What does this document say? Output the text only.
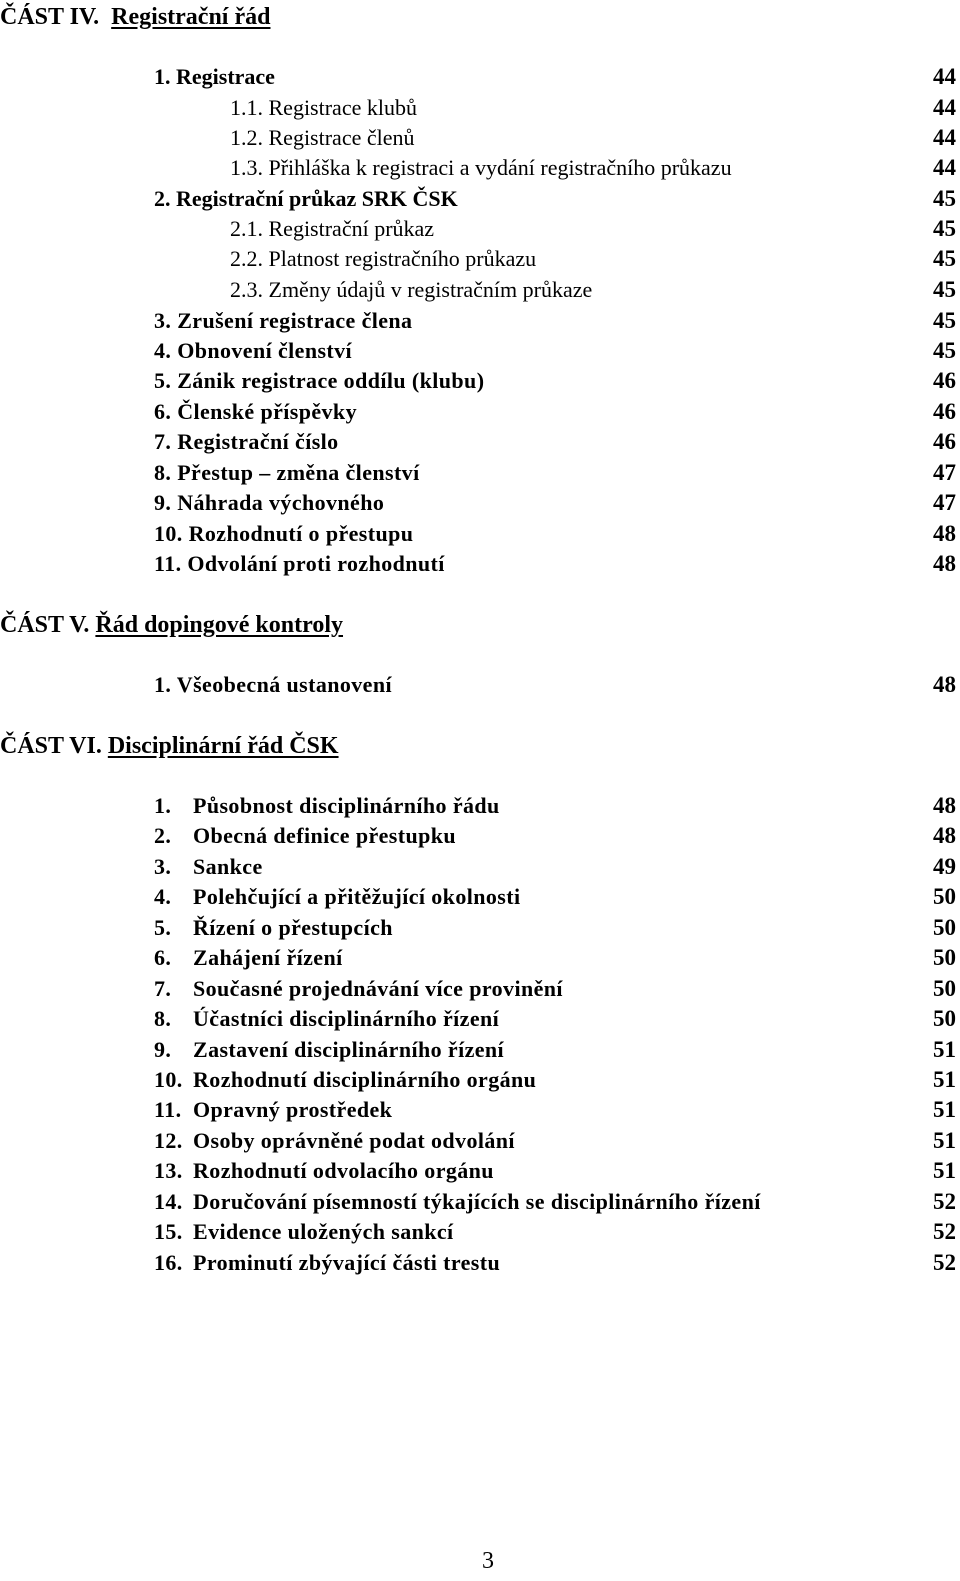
ČÁST IV. Registrační řád
1. Registrace	44
1.1. Registrace klubů	44
1.2. Registrace členů	44
1.3. Přihláška k registraci a vydání registračního průkazu	44
2. Registrační průkaz SRK ČSK	45
2.1. Registrační průkaz	45
2.2. Platnost registračního průkazu	45
2.3. Změny údajů v registračním průkaze	45
3. Zrušení registrace člena	45
4. Obnovení členství	45
5. Zánik registrace oddílu (klubu)	46
6. Členské příspěvky	46
7. Registrační číslo	46
8. Přestup – změna členství	47
9. Náhrada výchovného	47
10. Rozhodnutí o přestupu	48
11. Odvolání proti rozhodnutí	48
ČÁST V. Řád dopingové kontroly
1. Všeobecná ustanovení	48
ČÁST VI. Disciplinární řád ČSK
1. Působnost disciplinárního řádu	48
2. Obecná definice přestupku	48
3. Sankce	49
4. Polehčující a přitěžující okolnosti	50
5. Řízení o přestupcích	50
6. Zahájení řízení	50
7. Současné projednávání více provinění	50
8. Účastníci disciplinárního řízení	50
9. Zastavení disciplinárního řízení	51
10. Rozhodnutí disciplinárního orgánu	51
11. Opravný prostředek	51
12. Osoby oprávněné podat odvolání	51
13. Rozhodnutí odvolacího orgánu	51
14. Doručování písemností týkajících se disciplinárního řízení	52
15. Evidence uložených sankcí	52
16. Prominutí zbývající části trestu	52
3
